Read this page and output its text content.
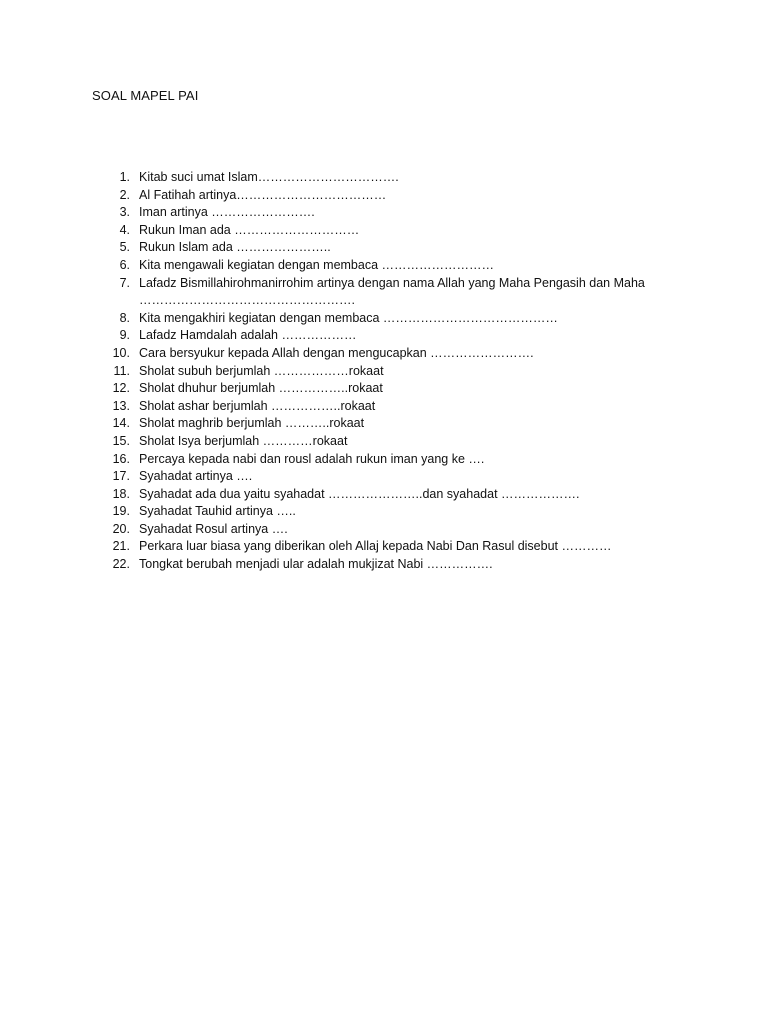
SOAL MAPEL PAI
1. Kitab suci umat Islam…………………………….
2. Al Fatihah artinya………………………………
3. Iman artinya …………………….
4. Rukun Iman ada …………………………
5. Rukun Islam ada …………………..
6. Kita mengawali kegiatan dengan membaca ………………………
7. Lafadz Bismillahirohmanirrohim artinya dengan nama Allah yang Maha Pengasih dan Maha …………………………………………….
8. Kita mengakhiri kegiatan dengan membaca ……………………………………
9. Lafadz Hamdalah adalah ………………
10. Cara bersyukur kepada Allah dengan mengucapkan …………………….
11. Sholat subuh berjumlah ………………rokaat
12. Sholat dhuhur berjumlah ……………..rokaat
13. Sholat ashar berjumlah ……………..rokaat
14. Sholat maghrib berjumlah ………..rokaat
15. Sholat Isya berjumlah …………rokaat
16. Percaya kepada nabi dan rousl adalah rukun iman yang ke ….
17. Syahadat artinya ….
18. Syahadat ada dua yaitu syahadat …………………..dan syahadat ……………….
19. Syahadat Tauhid artinya …..
20. Syahadat Rosul artinya ….
21. Perkara luar biasa yang diberikan oleh Allaj kepada Nabi Dan Rasul disebut …………
22. Tongkat berubah menjadi ular adalah mukjizat Nabi …………….
